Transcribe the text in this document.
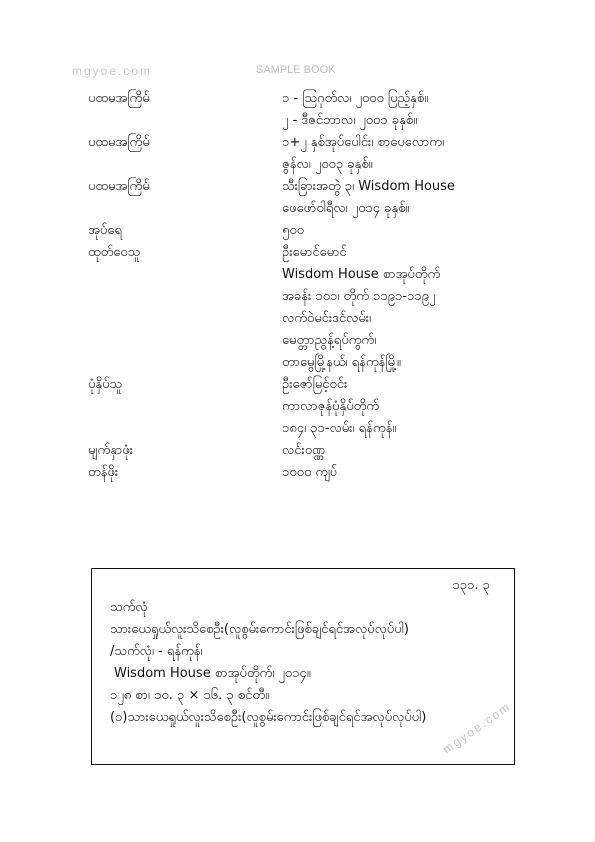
mgyoe.com	SAMPLE BOOK
ပထမအကြိမ်	၁ - ဩဂုတ်လ၊ ၂၀၀၀ ပြည့်နှစ်။
၂ - ဒီဇင်ဘာလ၊ ၂၀၀၁ ခုနှစ်။
ပထမအကြိမ်	၁+၂ နှစ်အုပ်ပေါင်း၊ စာပေလောက၊
ဇွန်လ၊ ၂၀၀၃ ခုနှစ်။
ပထမအကြိမ်	သီးခြားအတွဲ ၃၊ Wisdom House
ဖေဖော်ဝါရီလ၊ ၂၀၁၄ ခုနှစ်။
အုပ်ရေ	၅၀၀
ထုတ်ဝေသူ	ဦးမောင်မောင်
Wisdom House စာအုပ်တိုက်
အခန်း ၁၀၁၊ တိုက် ၁၁၉၁-၁၁၉၂
လက်ဝဲမင်းဒင်လမ်း၊
မေတ္တာညွန့်ရပ်ကွက်၊
တာမွေမြို့နယ်၊ ရန်ကုန်မြို့။
ပုံနှိပ်သူ	ဦးဇော်မြင့်ဝင်း
ကာလာဇုန်ပုံနှိပ်တိုက်
၁၈၄၊ ၃၁-လမ်း၊ ရန်ကုန်။
မျက်နှာဖုံး	လင်းဝဏ္ဏ
တန်ဖိုး	၁၀၀၀ ကျပ်
၁၃၁. ၃
သက်လုံ
သားယေရှုယ်လူးသိစေဦး(လူစွမ်းကောင်းဖြစ်ချင်ရင်အလုပ်လုပ်ပါ)
/သက်လုံ၊ - ရန်ကုန်၊
Wisdom House စာအုပ်တိုက်၊ ၂၀၁၄။
၁၂၈ စာ၊ ၁၀. ၃ × ၁၆. ၃ စင်တီ။
(၁)သားယေရှုယ်လူးသိစေဦး(လူစွမ်းကောင်းဖြစ်ချင်ရင်အလုပ်လုပ်ပါ)	mgyoe.com
